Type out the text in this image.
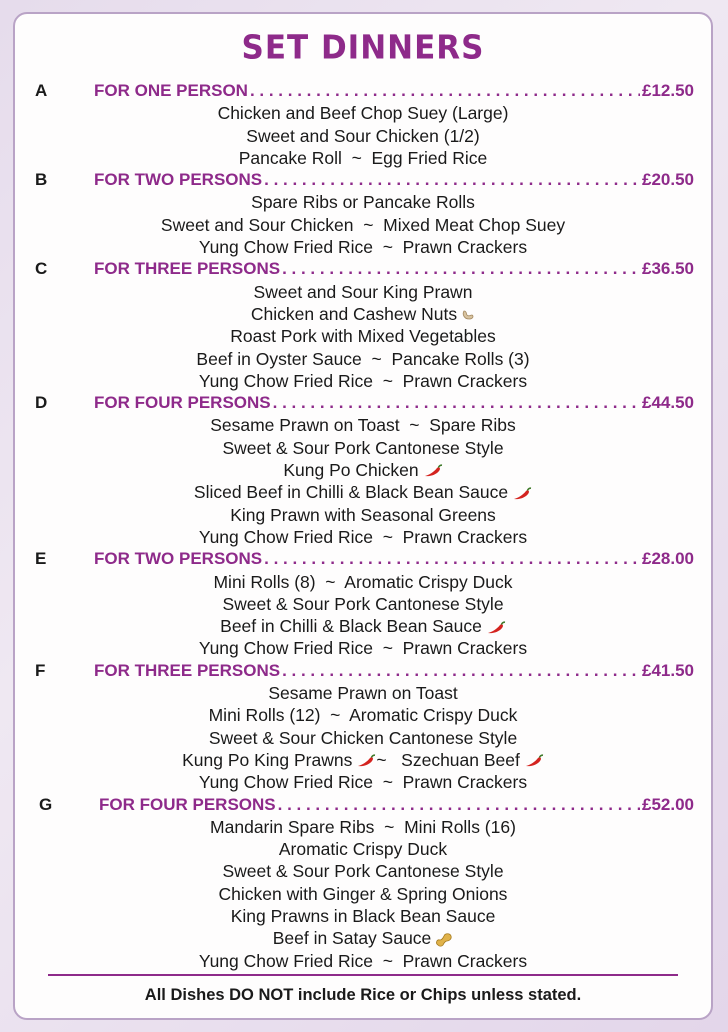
SET DINNERS
A	FOR ONE PERSON . . .	£12.50
Chicken and Beef Chop Suey (Large)
Sweet and Sour Chicken (1/2)
Pancake Roll  ~  Egg Fried Rice
B	FOR TWO PERSONS . . .	£20.50
Spare Ribs or Pancake Rolls
Sweet and Sour Chicken  ~  Mixed Meat Chop Suey
Yung Chow Fried Rice  ~  Prawn Crackers
C	FOR THREE PERSONS . . .	£36.50
Sweet and Sour King Prawn
Chicken and Cashew Nuts
Roast Pork with Mixed Vegetables
Beef in Oyster Sauce  ~  Pancake Rolls (3)
Yung Chow Fried Rice  ~  Prawn Crackers
D	FOR FOUR PERSONS . . .	£44.50
Sesame Prawn on Toast  ~  Spare Ribs
Sweet & Sour Pork Cantonese Style
Kung Po Chicken
Sliced Beef in Chilli & Black Bean Sauce
King Prawn with Seasonal Greens
Yung Chow Fried Rice  ~  Prawn Crackers
E	FOR TWO PERSONS . . .	£28.00
Mini Rolls (8)  ~  Aromatic Crispy Duck
Sweet & Sour Pork Cantonese Style
Beef in Chilli & Black Bean Sauce
Yung Chow Fried Rice  ~  Prawn Crackers
F	FOR THREE PERSONS . . .	£41.50
Sesame Prawn on Toast
Mini Rolls (12)  ~  Aromatic Crispy Duck
Sweet & Sour Chicken Cantonese Style
Kung Po King Prawns ~   Szechuan Beef
Yung Chow Fried Rice  ~  Prawn Crackers
G	FOR FOUR PERSONS . . .	£52.00
Mandarin Spare Ribs  ~  Mini Rolls (16)
Aromatic Crispy Duck
Sweet & Sour Pork Cantonese Style
Chicken with Ginger & Spring Onions
King Prawns in Black Bean Sauce
Beef in Satay Sauce
Yung Chow Fried Rice  ~  Prawn Crackers
All Dishes DO NOT include Rice or Chips unless stated.
